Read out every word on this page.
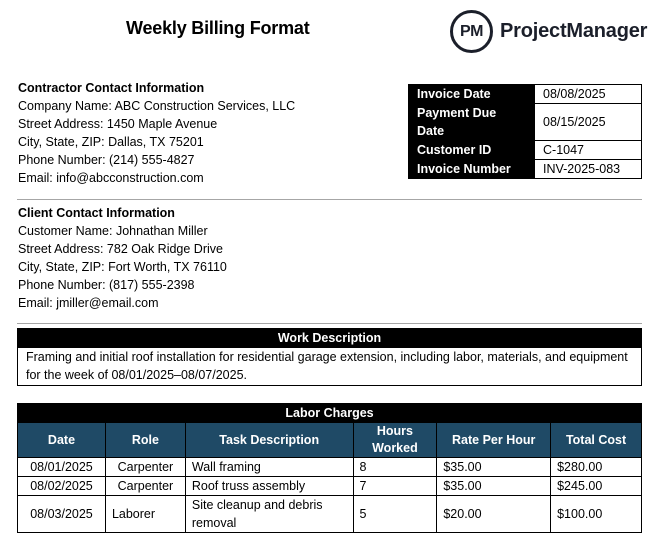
Weekly Billing Format	PM ProjectManager
Contractor Contact Information
Company Name: ABC Construction Services, LLC
Street Address: 1450 Maple Avenue
City, State, ZIP: Dallas, TX 75201
Phone Number: (214) 555-4827
Email: info@abcconstruction.com
Invoice Date	08/08/2025
Payment Due Date	08/15/2025
Customer ID	C-1047
Invoice Number	INV-2025-083
Client Contact Information
Customer Name: Johnathan Miller
Street Address: 782 Oak Ridge Drive
City, State, ZIP: Fort Worth, TX 76110
Phone Number: (817) 555-2398
Email: jmiller@email.com
Work Description
Framing and initial roof installation for residential garage extension, including labor, materials, and equipment for the week of 08/01/2025–08/07/2025.
Labor Charges					
Date	Role	Task Description	Hours Worked	Rate Per Hour	Total Cost
08/01/2025	Carpenter	Wall framing	8	$35.00	$280.00
08/02/2025	Carpenter	Roof truss assembly	7	$35.00	$245.00
08/03/2025	Laborer	Site cleanup and debris removal	5	$20.00	$100.00
